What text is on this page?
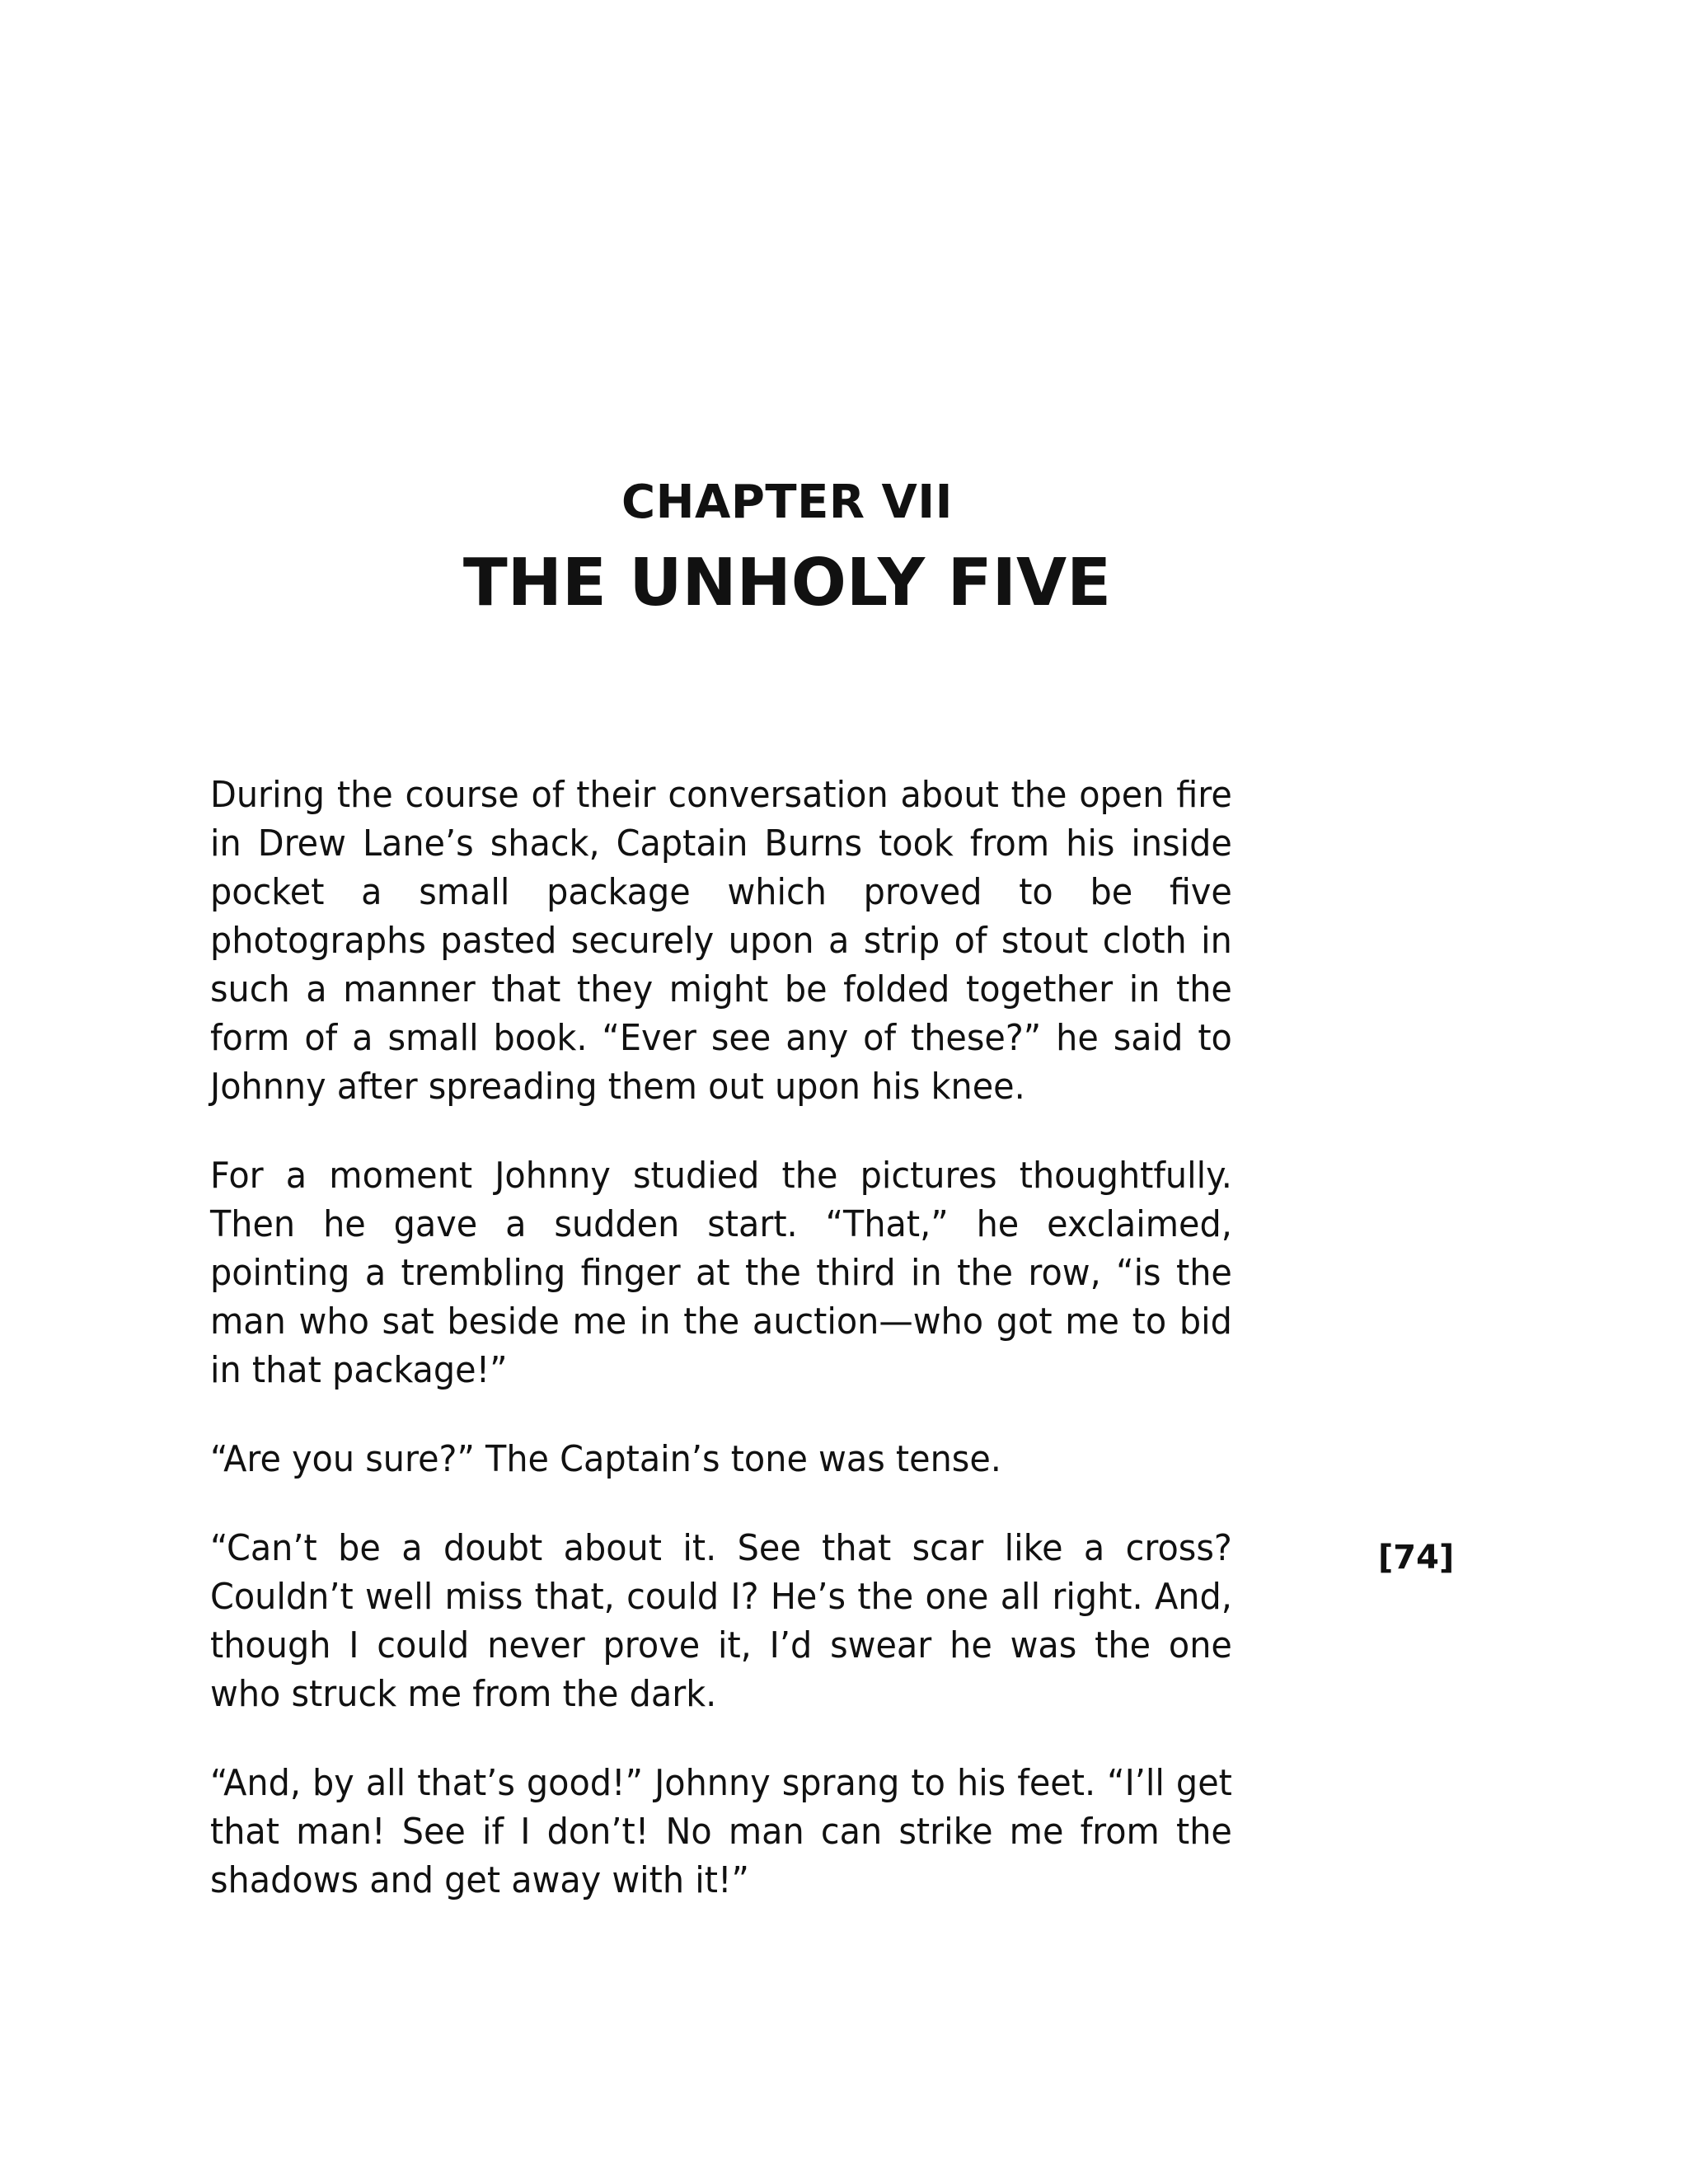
CHAPTER VII
THE UNHOLY FIVE

During the course of their conversation about the open fire in Drew Lane’s shack, Captain Burns took from his inside pocket a small package which proved to be five photographs pasted securely upon a strip of stout cloth in such a manner that they might be folded together in the form of a small book. “Ever see any of these?” he said to Johnny after spreading them out upon his knee.

For a moment Johnny studied the pictures thoughtfully. Then he gave a sudden start. “That,” he exclaimed, pointing a trembling finger at the third in the row, “is the man who sat beside me in the auction—who got me to bid in that package!”

“Are you sure?” The Captain’s tone was tense.

“Can’t be a doubt about it. See that scar like a cross? Couldn’t well miss that, could I? He’s the one all right. And, though I could never prove it, I’d swear he was the one who struck me from the dark.

“And, by all that’s good!” Johnny sprang to his feet. “I’ll get that man! See if I don’t! No man can strike me from the shadows and get away with it!”

[74]
